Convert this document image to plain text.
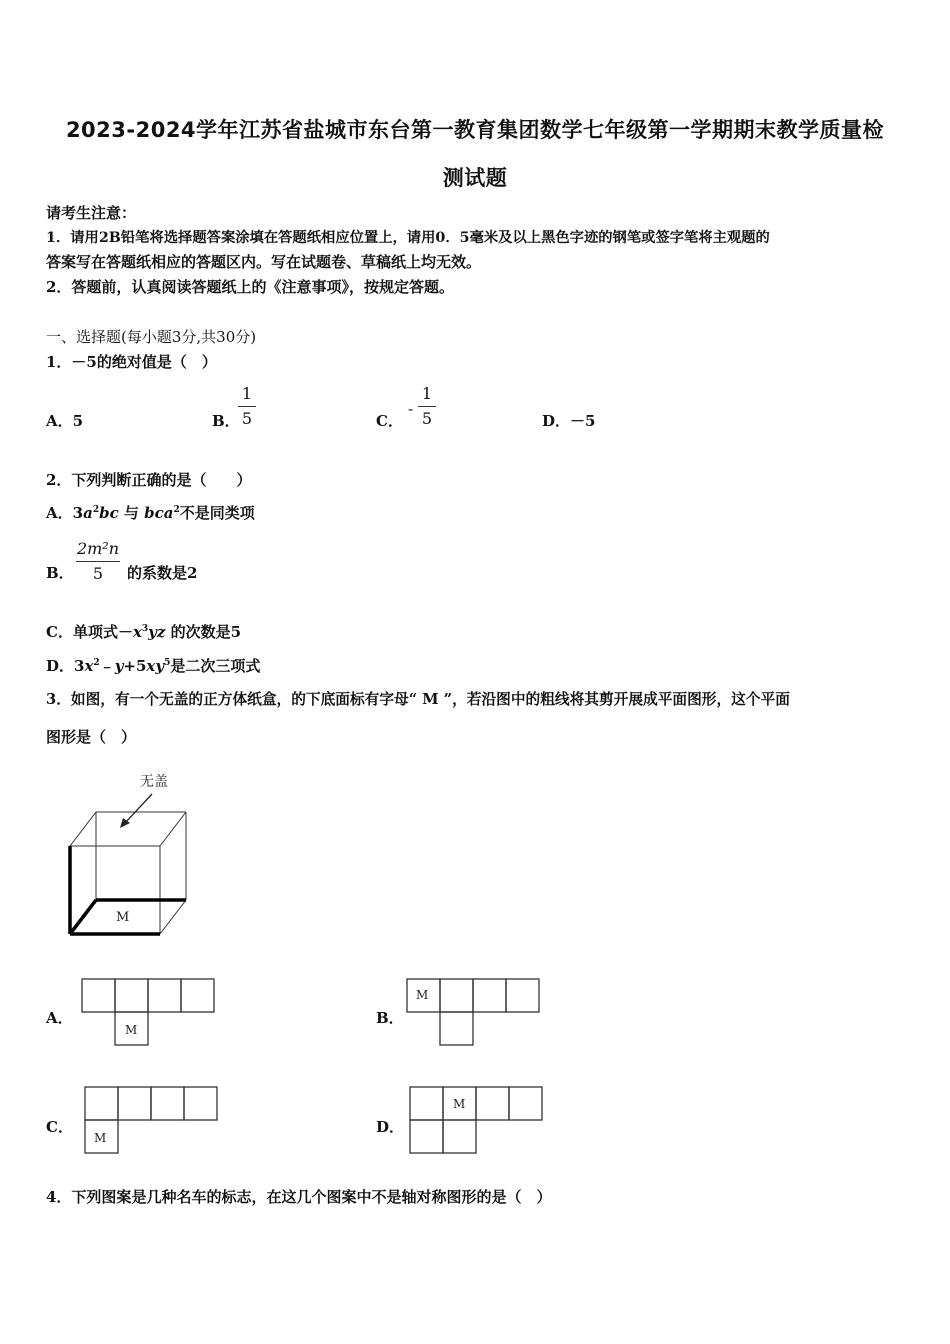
2023-2024学年江苏省盐城市东台第一教育集团数学七年级第一学期期末教学质量检
测试题
请考生注意：
1．请用2B铅笔将选择题答案涂填在答题纸相应位置上，请用0．5毫米及以上黑色字迹的钢笔或签字笔将主观题的
答案写在答题纸相应的答题区内。写在试题卷、草稿纸上均无效。
2．答题前，认真阅读答题纸上的《注意事项》，按规定答题。
一、选择题(每小题3分,共30分)
1．－5的绝对值是（　）
A．5	B．
1
5	C．
-
1
5	D．－5
2．下列判断正确的是（　　）
A．$3a^2bc$ 与 bca$^2$不是同类项
B．
2m²n
5	的系数是2
C．单项式$-x^3yz$ 的次数是5
D．$3x^2﹣y+5xy^5$是二次三项式
3．如图，有一个无盖的正方体纸盒，的下底面标有字母“ M ”，若沿图中的粗线将其剪开展成平面图形，这个平面
图形是（　）
无盖
M
A．
M
B．
M
C．
M
D．
M
4．下列图案是几种名车的标志，在这几个图案中不是轴对称图形的是（　）
